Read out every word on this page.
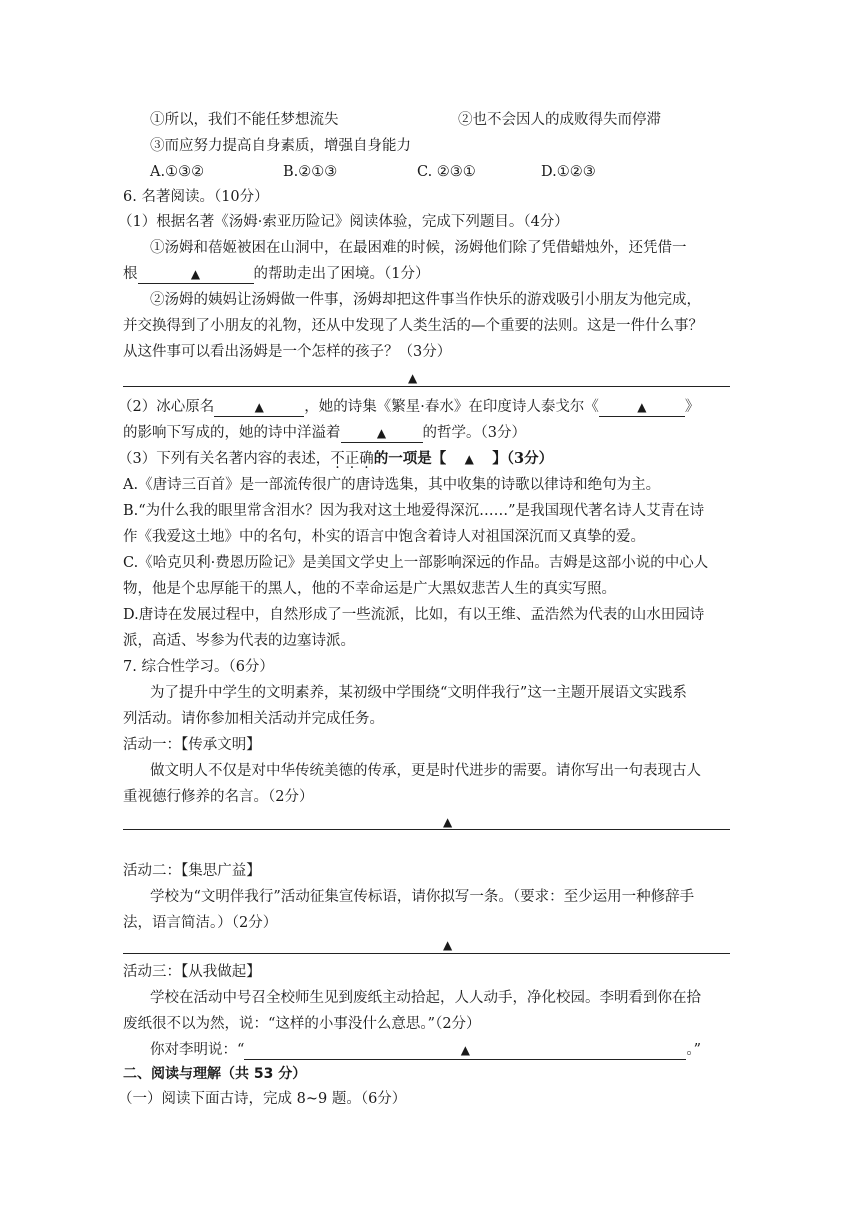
①所以，我们不能任梦想流失	②也不会因人的成败得失而停滞
③而应努力提高自身素质，增强自身能力
A.①③②	B.②①③	C. ②③①	D.①②③
6. 名著阅读。（10分）
（1）根据名著《汤姆·索亚历险记》阅读体验，完成下列题目。（4分）
①汤姆和蓓姬被困在山洞中，在最困难的时候，汤姆他们除了凭借蜡烛外，还凭借一
根	▲	的帮助走出了困境。（1分）
②汤姆的姨妈让汤姆做一件事，汤姆却把这件事当作快乐的游戏吸引小朋友为他完成，
并交换得到了小朋友的礼物，还从中发现了人类生活的—个重要的法则。这是一件什么事？
从这件事可以看出汤姆是一个怎样的孩子？（3分）
▲
（2）冰心原名	▲	，她的诗集《繁星·春水》在印度诗人泰戈尔《	▲	》
的影响下写成的，她的诗中洋溢着	▲	的哲学。（3分）
（3）下列有关名著内容的表述，不正确的一项是【 ▲ 】（3分）
A.《唐诗三百首》是一部流传很广的唐诗选集，其中收集的诗歌以律诗和绝句为主。
B.“为什么我的眼里常含泪水？因为我对这土地爱得深沉……”是我国现代著名诗人艾青在诗
作《我爱这土地》中的名句，朴实的语言中饱含着诗人对祖国深沉而又真挚的爱。
C.《哈克贝利·费恩历险记》是美国文学史上一部影响深远的作品。吉姆是这部小说的中心人
物，他是个忠厚能干的黑人，他的不幸命运是广大黑奴悲苦人生的真实写照。
D.唐诗在发展过程中，自然形成了一些流派，比如，有以王维、孟浩然为代表的山水田园诗
派，高适、岑参为代表的边塞诗派。
7. 综合性学习。（6分）
为了提升中学生的文明素养，某初级中学围绕“文明伴我行”这一主题开展语文实践系
列活动。请你参加相关活动并完成任务。
活动一：【传承文明】
做文明人不仅是对中华传统美德的传承，更是时代进步的需要。请你写出一句表现古人
重视德行修养的名言。（2分）
▲
活动二：【集思广益】
学校为“文明伴我行”活动征集宣传标语，请你拟写一条。（要求：至少运用一种修辞手
法，语言简洁。）（2分）
▲
活动三：【从我做起】
学校在活动中号召全校师生见到废纸主动拾起，人人动手，净化校园。李明看到你在拾
废纸很不以为然，说：“这样的小事没什么意思。”（2分）
你对李明说：“	▲	。”
二、阅读与理解（共 53 分）
（一）阅读下面古诗，完成 8~9 题。（6分）
